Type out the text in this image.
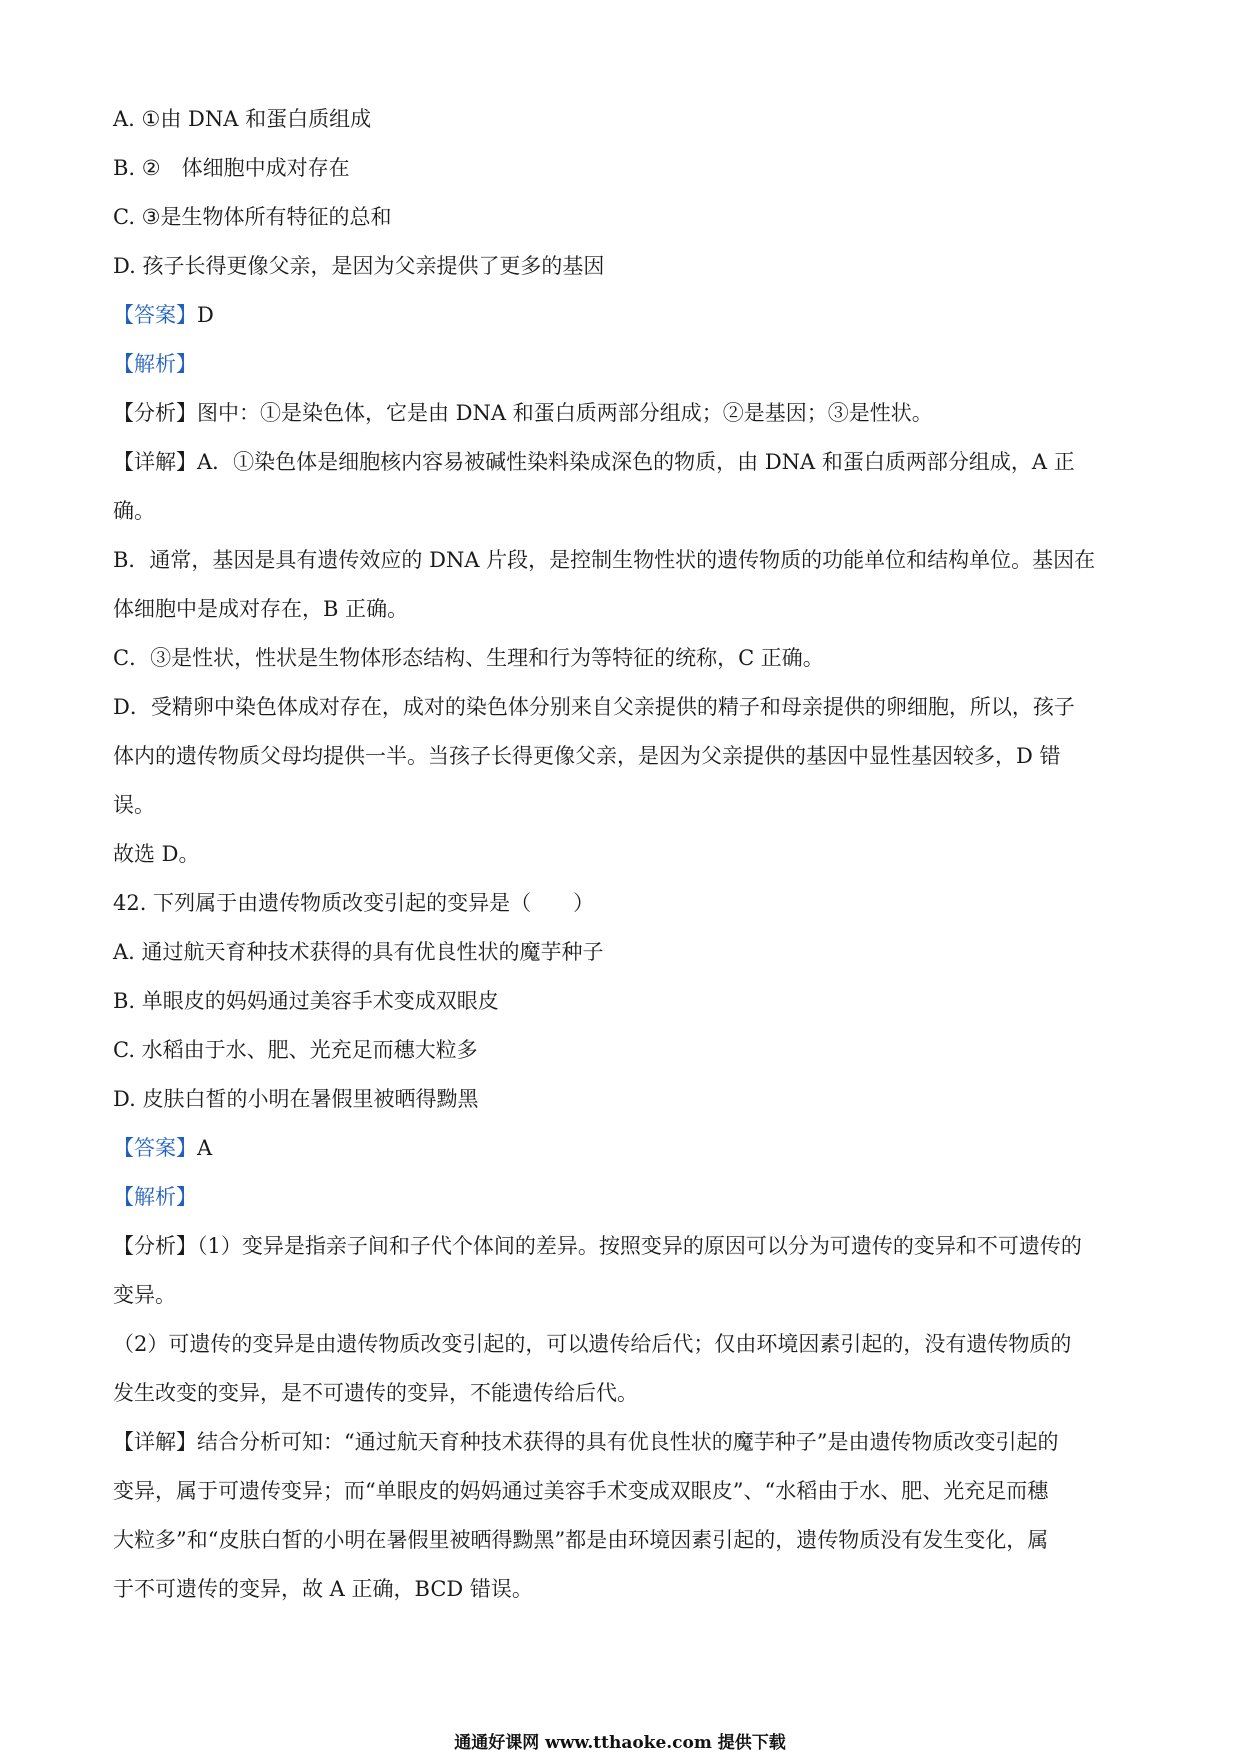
A. ①由 DNA 和蛋白质组成
B. ②　体细胞中成对存在
C. ③是生物体所有特征的总和
D. 孩子长得更像父亲，是因为父亲提供了更多的基因
【答案】D
【解析】
【分析】图中：①是染色体，它是由 DNA 和蛋白质两部分组成；②是基因；③是性状。
【详解】A．①染色体是细胞核内容易被碱性染料染成深色的物质，由 DNA 和蛋白质两部分组成，A 正
确。
B．通常，基因是具有遗传效应的 DNA 片段，是控制生物性状的遗传物质的功能单位和结构单位。基因在
体细胞中是成对存在，B 正确。
C．③是性状，性状是生物体形态结构、生理和行为等特征的统称，C 正确。
D．受精卵中染色体成对存在，成对的染色体分别来自父亲提供的精子和母亲提供的卵细胞，所以，孩子
体内的遗传物质父母均提供一半。当孩子长得更像父亲，是因为父亲提供的基因中显性基因较多，D 错
误。
故选 D。
42. 下列属于由遗传物质改变引起的变异是（　　）
A. 通过航天育种技术获得的具有优良性状的魔芋种子
B. 单眼皮的妈妈通过美容手术变成双眼皮
C. 水稻由于水、肥、光充足而穗大粒多
D. 皮肤白皙的小明在暑假里被晒得黝黑
【答案】A
【解析】
【分析】（1）变异是指亲子间和子代个体间的差异。按照变异的原因可以分为可遗传的变异和不可遗传的
变异。
（2）可遗传的变异是由遗传物质改变引起的，可以遗传给后代；仅由环境因素引起的，没有遗传物质的
发生改变的变异，是不可遗传的变异，不能遗传给后代。
【详解】结合分析可知：“通过航天育种技术获得的具有优良性状的魔芋种子”是由遗传物质改变引起的
变异，属于可遗传变异；而“单眼皮的妈妈通过美容手术变成双眼皮”、“水稻由于水、肥、光充足而穗
大粒多”和“皮肤白皙的小明在暑假里被晒得黝黑”都是由环境因素引起的，遗传物质没有发生变化，属
于不可遗传的变异，故 A 正确，BCD 错误。
通通好课网 www.tthaoke.com 提供下载
